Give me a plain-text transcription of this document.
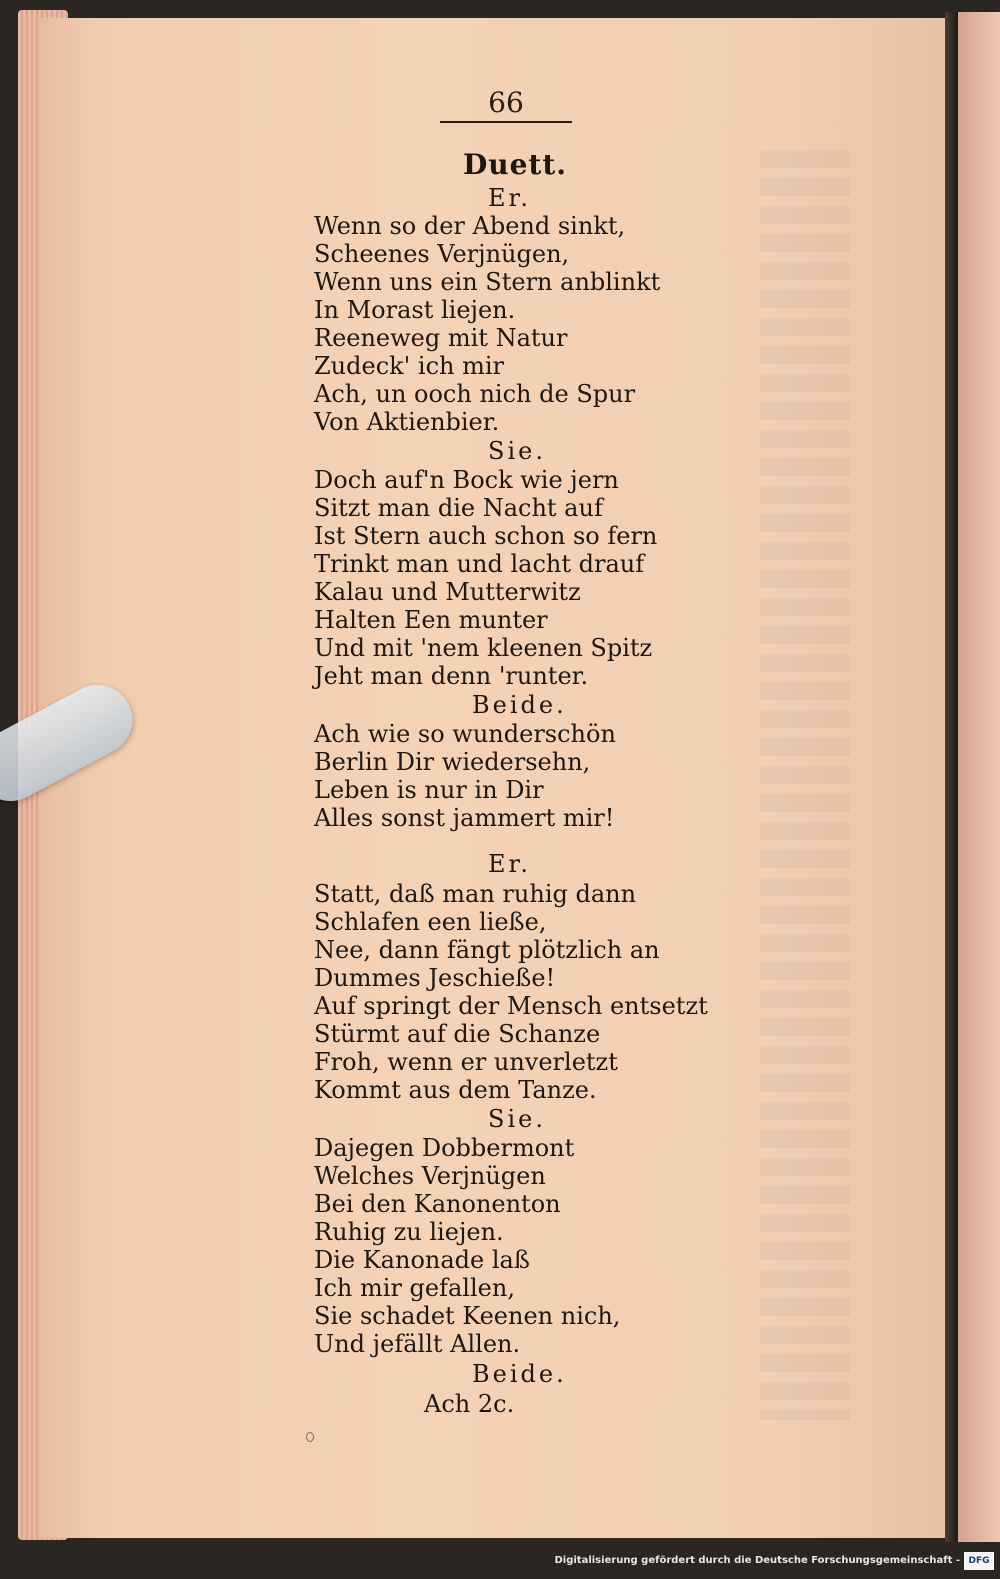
66
Duett.
Er.
Wenn so der Abend sinkt,
Scheenes Verjnügen,
Wenn uns ein Stern anblinkt
In Morast liejen.
Reeneweg mit Natur
Zudeck' ich mir
Ach, un ooch nich de Spur
Von Aktienbier.
Sie.
Doch auf'n Bock wie jern
Sitzt man die Nacht auf
Ist Stern auch schon so fern
Trinkt man und lacht drauf
Kalau und Mutterwitz
Halten Een munter
Und mit 'nem kleenen Spitz
Jeht man denn 'runter.
Beide.
Ach wie so wunderschön
Berlin Dir wiedersehn,
Leben is nur in Dir
Alles sonst jammert mir!
Er.
Statt, daß man ruhig dann
Schlafen een ließe,
Nee, dann fängt plötzlich an
Dummes Jeschieße!
Auf springt der Mensch entsetzt
Stürmt auf die Schanze
Froh, wenn er unverletzt
Kommt aus dem Tanze.
Sie.
Dajegen Dobbermont
Welches Verjnügen
Bei den Kanonenton
Ruhig zu liejen.
Die Kanonade laß
Ich mir gefallen,
Sie schadet Keenen nich,
Und jefällt Allen.
Beide.
Ach 2c.
Digitalisierung gefördert durch die Deutsche Forschungsgemeinschaft - DFG
